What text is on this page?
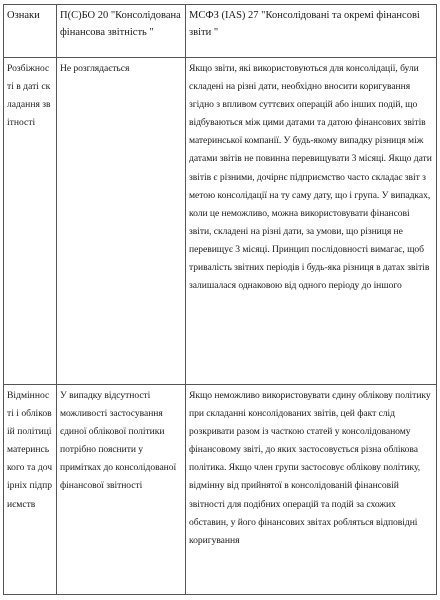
Ознаки	П(С)БО 20 "Консолідована фінансова звітність "	МСФЗ (IAS) 27 "Консолідовані та окремі фінансові звіти "

Розбіжності в даті складання звітності	Не розглядається	Якщо звіти, які використовуються для консолідації, були складені на різні дати, необхідно вносити коригування згідно з впливом суттєвих операцій або інших подій, що відбуваються між цими датами та датою фінансових звітів материнської компанії. У будь-якому випадку різниця між датами звітів не повинна перевищувати 3 місяці. Якщо дати звітів є різними, дочірнє підприємство часто складає звіт з метою консолідації на ту саму дату, що і група. У випадках, коли це неможливо, можна використовувати фінансові звіти, складені на різні дати, за умови, що різниця не перевищує 3 місяці. Принцип послідовності вимагає, щоб тривалість звітних періодів і будь-яка різниця в датах звітів залишалася однаковою від одного періоду до іншого

Відмінності і обліковій політиці материнського та дочірніх підприємств	У випадку відсутності можливості застосування єдиної облікової політики потрібно пояснити у примітках до консолідованої фінансової звітності	Якщо неможливо використовувати єдину облікову політику при складанні консолідованих звітів, цей факт слід розкривати разом із часткою статей у консолідованому фінансовому звіті, до яких застосовується різна облікова політика. Якщо член групи застосовує облікову політику, відмінну від прийнятої в консолідованій фінансовій звітності для подібних операцій та подій за схожих обставин, у його фінансових звітах робляться відповідні коригування
